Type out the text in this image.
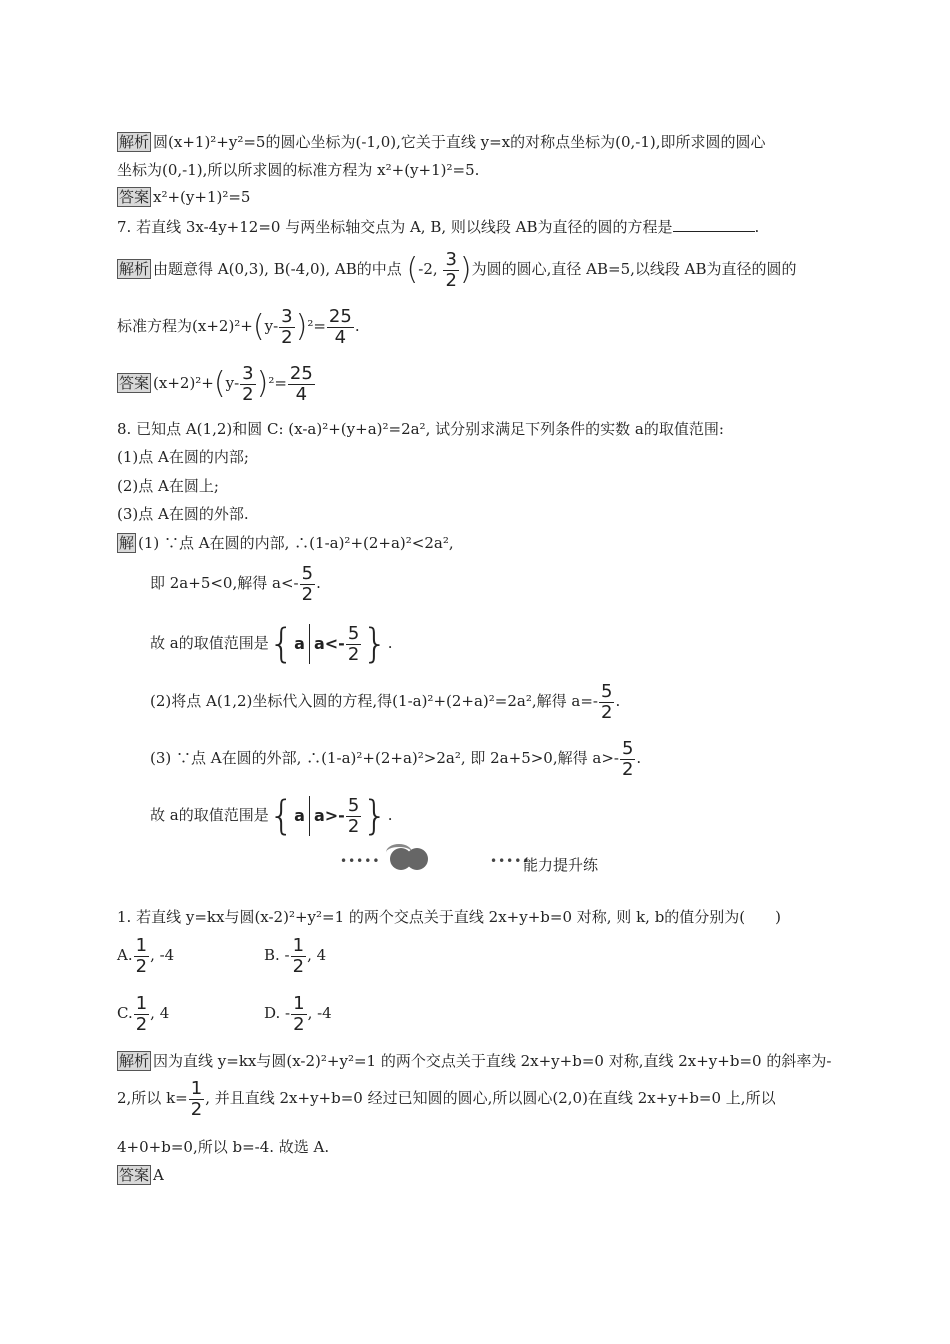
解析 圆(x+1)²+y²=5的圆心坐标为(-1,0),它关于直线 y=x的对称点坐标为(0,-1),即所求圆的圆心
坐标为(0,-1),所以所求圆的标准方程为 x²+(y+1)²=5.
答案 x²+(y+1)²=5
7. 若直线 3x-4y+12=0 与两坐标轴交点为 A, B, 则以线段 AB为直径的圆的方程是	.
解析 由题意得 A(0,3), B(-4,0), AB的中点 (-2, $\frac{3}{2}$ )为圆的圆心,直径 AB=5,以线段 AB为直径的圆的
标准方程为$(x+2)^2+(y- \frac{3}{2} )^2= \frac{25}{4}$ .
答案 $(x+2)^2+(y- \frac{3}{2} )^2= \frac{25}{4}$
8. 已知点 A(1,2)和圆 C: (x-a)²+(y+a)²=2a², 试分别求满足下列条件的实数 a的取值范围:
(1)点 A在圆的内部;
(2)点 A在圆上;
(3)点 A在圆的外部.
解 (1) ∵点 A在圆的内部, ∴(1-a)²+(2+a)²<2a²,
即 2a+5<0,解得 $a<- \frac{5}{2}$ .
故 a的取值范围是 { a $a<- \frac{5}{2}$ } .
(2)将点 A(1,2)坐标代入圆的方程,得(1-a)²+(2+a)²=2a²,解得 $a=- \frac{5}{2}$ .
(3) ∵点 A在圆的外部, ∴(1-a)²+(2+a)²>2a², 即 2a+5>0,解得 $a>- \frac{5}{2}$ .
故 a的取值范围是 { a $a>- \frac{5}{2}$ } .
•••••	•••••
能力提升练
1. 若直线 y=kx与圆(x-2)²+y²=1 的两个交点关于直线 2x+y+b=0 对称, 则 k, b的值分别为(　　)
A. $\frac{1}{2}$ , -4	B. - $\frac{1}{2}$ , 4
C. $\frac{1}{2}$ , 4	D. - $\frac{1}{2}$ , -4
解析 因为直线 y=kx与圆(x-2)²+y²=1 的两个交点关于直线 2x+y+b=0 对称,直线 2x+y+b=0 的斜率为-
2,所以 $k= \frac{1}{2}$ , 并且直线 2x+y+b=0 经过已知圆的圆心,所以圆心(2,0)在直线 2x+y+b=0 上,所以
4+0+b=0,所以 b=-4. 故选 A.
答案 A
